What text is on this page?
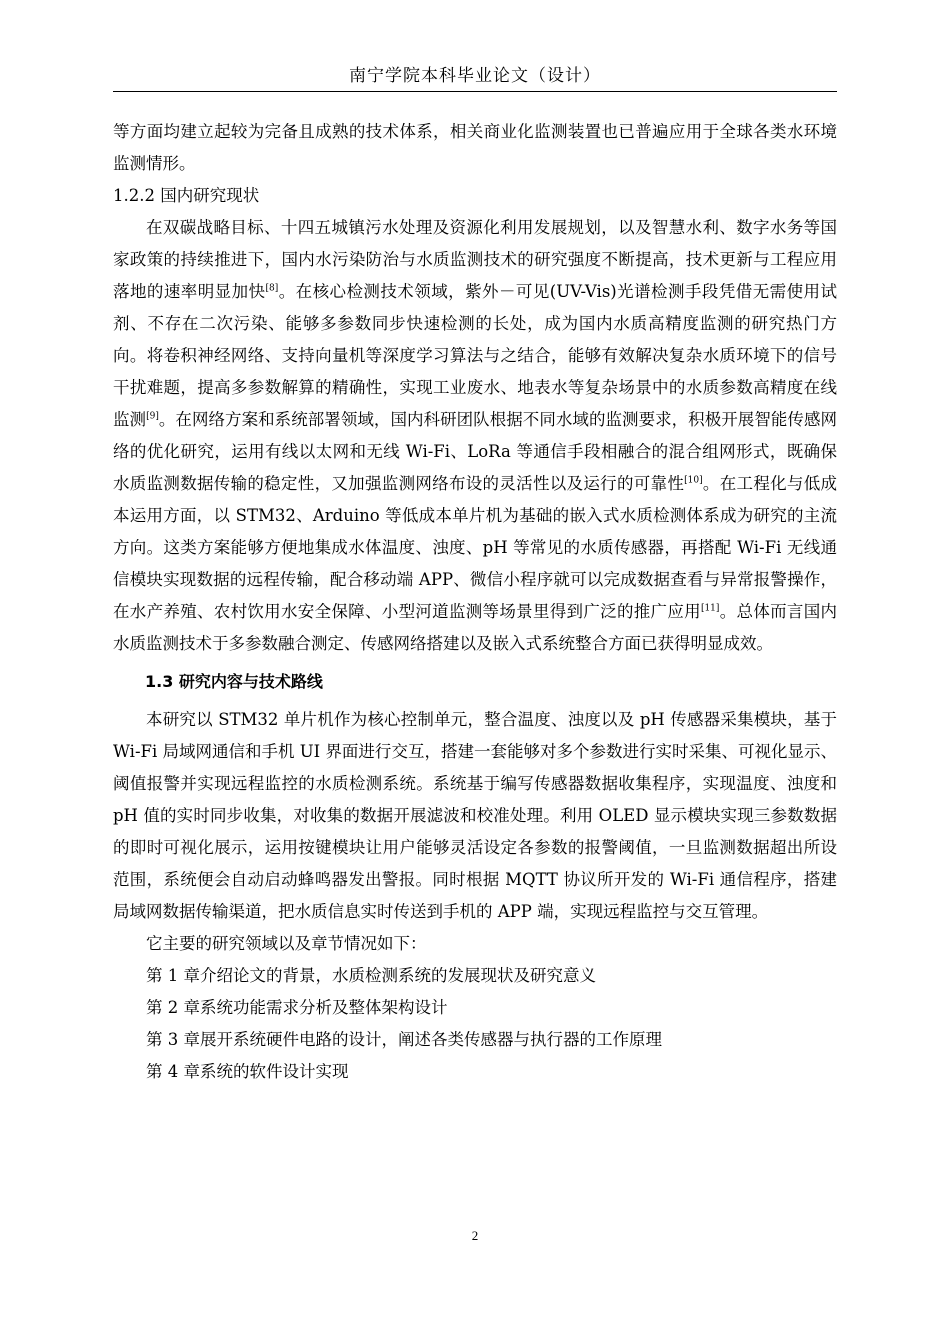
南宁学院本科毕业论文（设计）

等方面均建立起较为完备且成熟的技术体系，相关商业化监测装置也已普遍应用于全球各类水环境监测情形。

1.2.2 国内研究现状

在双碳战略目标、十四五城镇污水处理及资源化利用发展规划，以及智慧水利、数字水务等国家政策的持续推进下，国内水污染防治与水质监测技术的研究强度不断提高，技术更新与工程应用落地的速率明显加快[8]。在核心检测技术领域，紫外－可见(UV-Vis)光谱检测手段凭借无需使用试剂、不存在二次污染、能够多参数同步快速检测的长处，成为国内水质高精度监测的研究热门方向。将卷积神经网络、支持向量机等深度学习算法与之结合，能够有效解决复杂水质环境下的信号干扰难题，提高多参数解算的精确性，实现工业废水、地表水等复杂场景中的水质参数高精度在线监测[9]。在网络方案和系统部署领域，国内科研团队根据不同水域的监测要求，积极开展智能传感网络的优化研究，运用有线以太网和无线 Wi-Fi、LoRa 等通信手段相融合的混合组网形式，既确保水质监测数据传输的稳定性，又加强监测网络布设的灵活性以及运行的可靠性[10]。在工程化与低成本运用方面，以 STM32、Arduino 等低成本单片机为基础的嵌入式水质检测体系成为研究的主流方向。这类方案能够方便地集成水体温度、浊度、pH 等常见的水质传感器，再搭配 Wi-Fi 无线通信模块实现数据的远程传输，配合移动端 APP、微信小程序就可以完成数据查看与异常报警操作，在水产养殖、农村饮用水安全保障、小型河道监测等场景里得到广泛的推广应用[11]。总体而言国内水质监测技术于多参数融合测定、传感网络搭建以及嵌入式系统整合方面已获得明显成效。

1.3 研究内容与技术路线

本研究以 STM32 单片机作为核心控制单元，整合温度、浊度以及 pH 传感器采集模块，基于 Wi-Fi 局域网通信和手机 UI 界面进行交互，搭建一套能够对多个参数进行实时采集、可视化显示、阈值报警并实现远程监控的水质检测系统。系统基于编写传感器数据收集程序，实现温度、浊度和 pH 值的实时同步收集，对收集的数据开展滤波和校准处理。利用 OLED 显示模块实现三参数数据的即时可视化展示，运用按键模块让用户能够灵活设定各参数的报警阈值，一旦监测数据超出所设范围，系统便会自动启动蜂鸣器发出警报。同时根据 MQTT 协议所开发的 Wi-Fi 通信程序，搭建局域网数据传输渠道，把水质信息实时传送到手机的 APP 端，实现远程监控与交互管理。

它主要的研究领域以及章节情况如下：

第 1 章介绍论文的背景，水质检测系统的发展现状及研究意义

第 2 章系统功能需求分析及整体架构设计

第 3 章展开系统硬件电路的设计，阐述各类传感器与执行器的工作原理

第 4 章系统的软件设计实现

2
